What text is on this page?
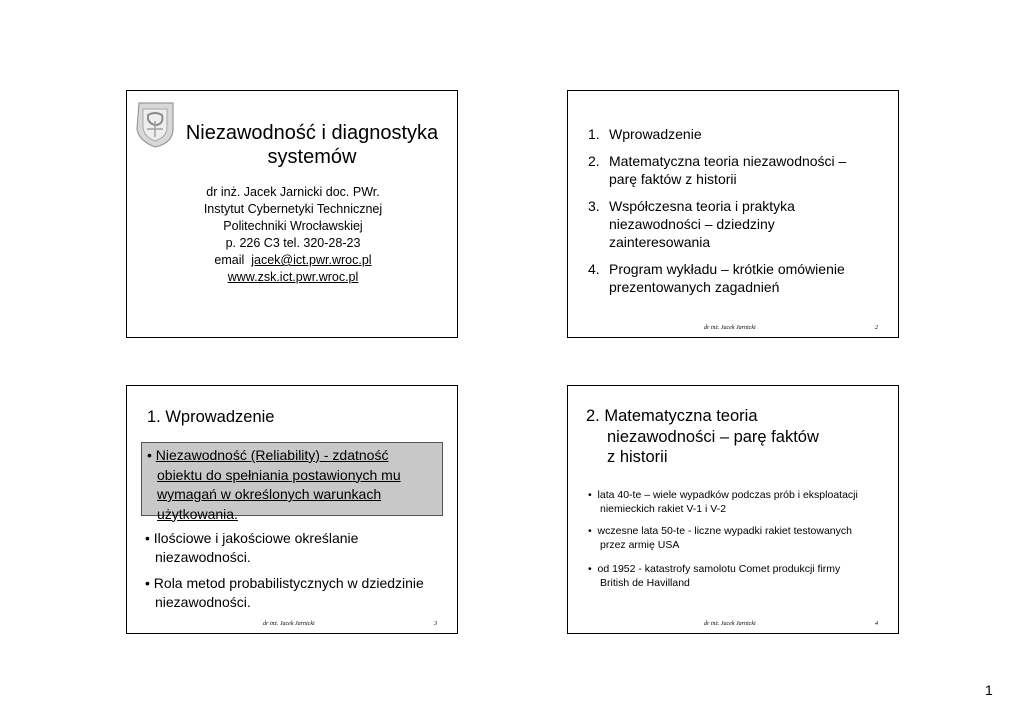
Niezawodność i diagnostyka
systemów
dr inż. Jacek Jarnicki doc. PWr.
Instytut Cybernetyki Technicznej
Politechniki Wrocławskiej
p. 226 C3 tel. 320-28-23
email  jacek@ict.pwr.wroc.pl
www.zsk.ict.pwr.wroc.pl
1. Wprowadzenie
2. Matematyczna teoria niezawodności –
parę faktów z historii
3. Współczesna teoria i praktyka
niezawodności – dziedziny
zainteresowania
4. Program wykładu – krótkie omówienie
prezentowanych zagadnień
dr inż. Jacek Jarnicki	2
1. Wprowadzenie
• Niezawodność (Reliability) - zdatność
obiektu do spełniania postawionych mu
wymagań w określonych warunkach
użytkowania.
• Ilościowe i jakościowe określanie
niezawodności.
• Rola metod probabilistycznych w dziedzinie
niezawodności.
dr inż. Jacek Jarnicki	3
2. Matematyczna teoria
niezawodności – parę faktów
z historii
•  lata 40-te – wiele wypadków podczas prób i eksploatacji
niemieckich rakiet V-1 i V-2
•  wczesne lata 50-te - liczne wypadki rakiet testowanych
przez armię USA
•  od 1952 - katastrofy samolotu Comet produkcji firmy
British de Havilland
dr inż. Jacek Jarnicki	4
1
